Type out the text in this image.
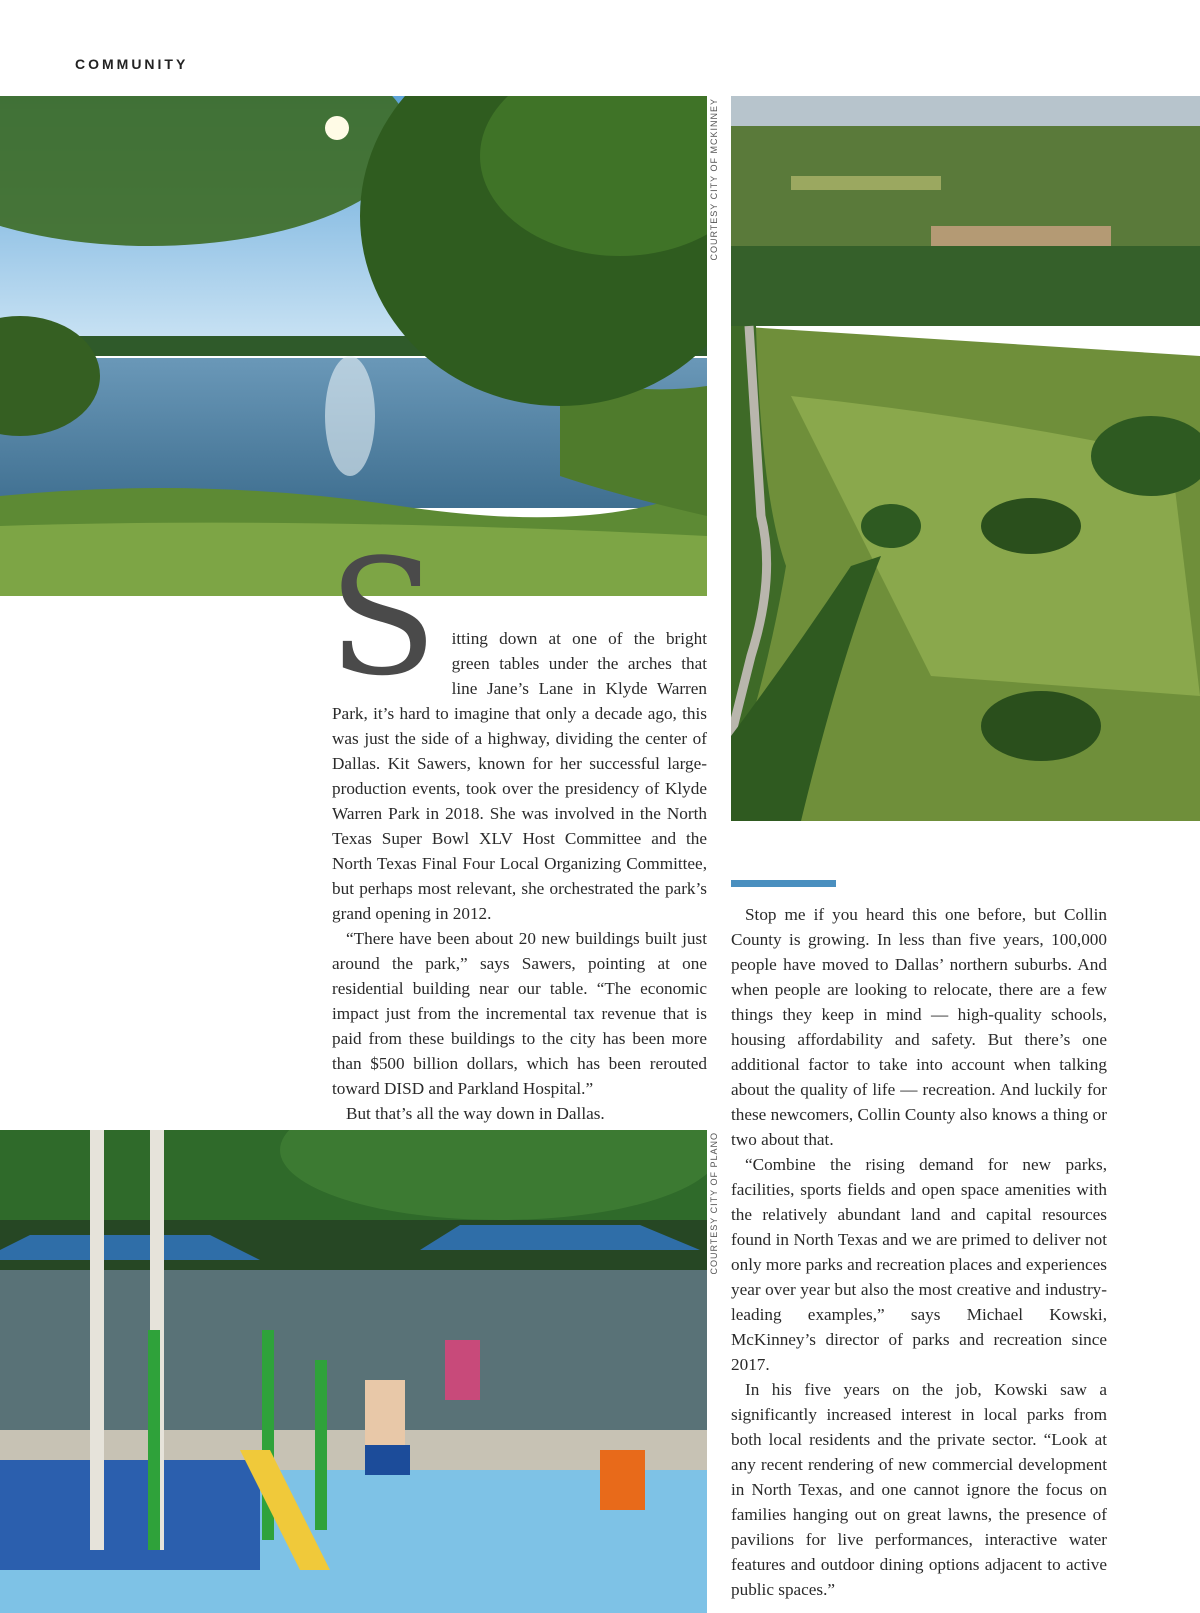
COMMUNITY
COURTESY CITY OF MCKINNEY
COURTESY CITY OF PLANO
S itting down at one of the bright green tables under the arches that line Jane’s Lane in Klyde Warren Park, it’s hard to imagine that only a decade ago, this was just the side of a highway, dividing the center of Dallas. Kit Sawers, known for her successful large-production events, took over the presidency of Klyde Warren Park in 2018. She was involved in the North Texas Super Bowl XLV Host Committee and the North Texas Final Four Local Organizing Committee, but perhaps most relevant, she orchestrated the park’s grand opening in 2012.

“There have been about 20 new buildings built just around the park,” says Sawers, pointing at one residential building near our table. “The economic impact just from the incremental tax revenue that is paid from these buildings to the city has been more than $500 billion dollars, which has been rerouted toward DISD and Parkland Hospital.”

But that’s all the way down in Dallas.

Stop me if you heard this one before, but Collin County is growing. In less than five years, 100,000 people have moved to Dallas’ northern suburbs. And when people are looking to relocate, there are a few things they keep in mind — high-quality schools, housing affordability and safety. But there’s one additional factor to take into account when talking about the quality of life — recreation. And luckily for these newcomers, Collin County also knows a thing or two about that.

“Combine the rising demand for new parks, facilities, sports fields and open space amenities with the relatively abundant land and capital resources found in North Texas and we are primed to deliver not only more parks and recreation places and experiences year over year but also the most creative and industry-leading examples,” says Michael Kowski, McKinney’s director of parks and recreation since 2017.

In his five years on the job, Kowski saw a significantly increased interest in local parks from both local residents and the private sector. “Look at any recent rendering of new commercial development in North Texas, and one cannot ignore the focus on families hanging out on great lawns, the presence of pavilions for live performances, interactive water features and outdoor dining options adjacent to active public spaces.”
